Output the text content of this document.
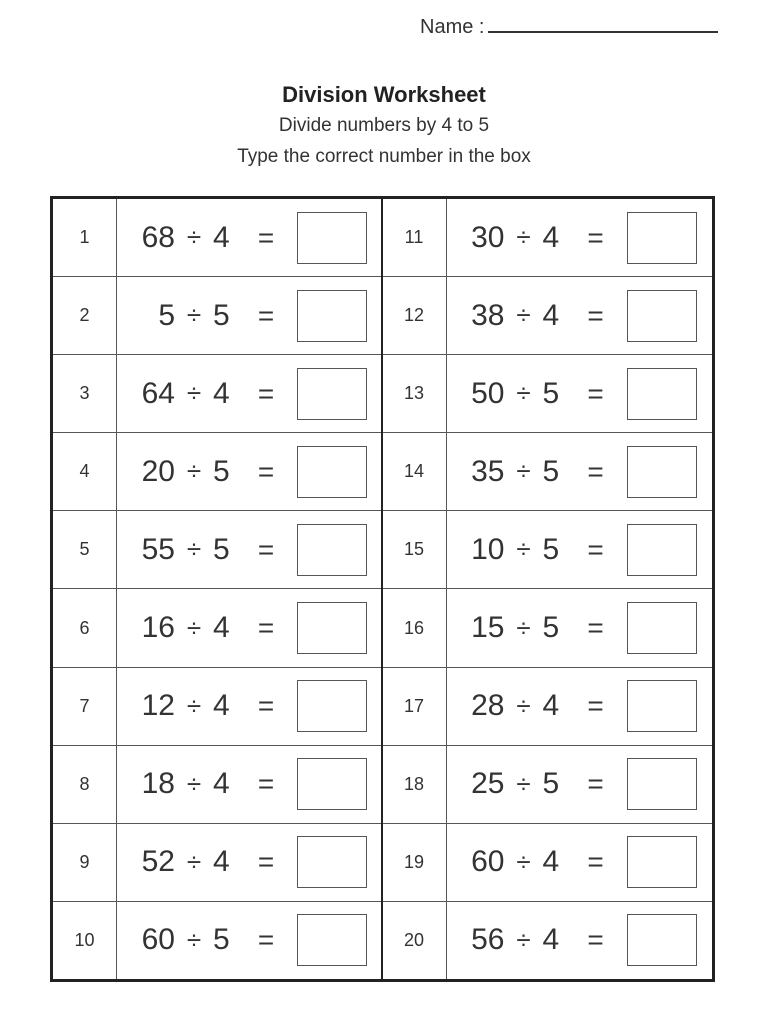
Name :
Division Worksheet
Divide numbers by 4 to 5
Type the correct number in the box
1	68 ÷ 4	=
2	5 ÷ 5	=
3	64 ÷ 4	=
4	20 ÷ 5	=
5	55 ÷ 5	=
6	16 ÷ 4	=
7	12 ÷ 4	=
8	18 ÷ 4	=
9	52 ÷ 4	=
10	60 ÷ 5	=
11	30 ÷ 4	=
12	38 ÷ 4	=
13	50 ÷ 5	=
14	35 ÷ 5	=
15	10 ÷ 5	=
16	15 ÷ 5	=
17	28 ÷ 4	=
18	25 ÷ 5	=
19	60 ÷ 4	=
20	56 ÷ 4	=
